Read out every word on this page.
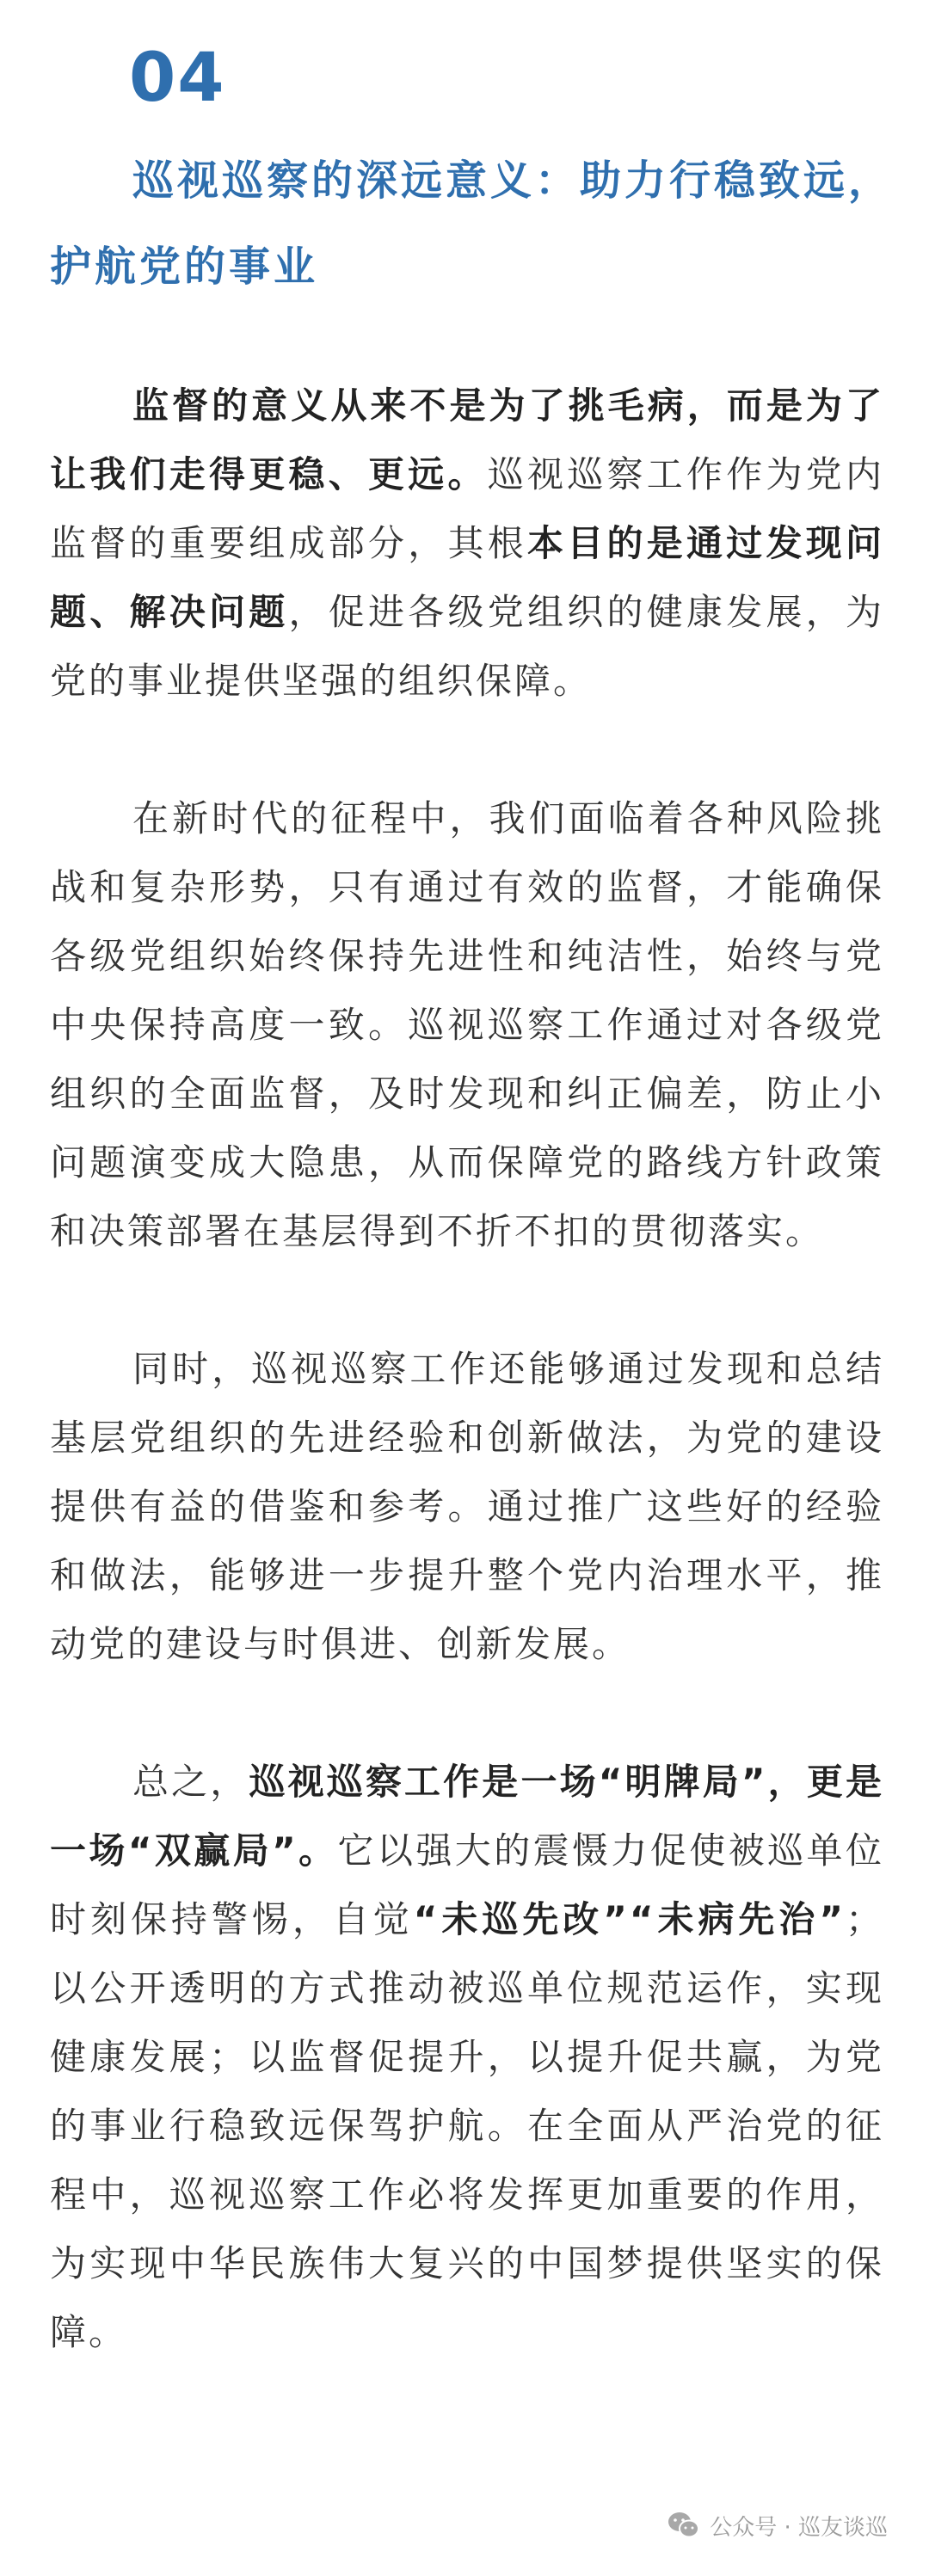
04
巡视巡察的深远意义：助力行稳致远，护航党的事业

监督的意义从来不是为了挑毛病，而是为了让我们走得更稳、更远。巡视巡察工作作为党内监督的重要组成部分，其根本目的是通过发现问题、解决问题，促进各级党组织的健康发展，为党的事业提供坚强的组织保障。

在新时代的征程中，我们面临着各种风险挑战和复杂形势，只有通过有效的监督，才能确保各级党组织始终保持先进性和纯洁性，始终与党中央保持高度一致。巡视巡察工作通过对各级党组织的全面监督，及时发现和纠正偏差，防止小问题演变成大隐患，从而保障党的路线方针政策和决策部署在基层得到不折不扣的贯彻落实。

同时，巡视巡察工作还能够通过发现和总结基层党组织的先进经验和创新做法，为党的建设提供有益的借鉴和参考。通过推广这些好的经验和做法，能够进一步提升整个党内治理水平，推动党的建设与时俱进、创新发展。

总之，巡视巡察工作是一场“明牌局”，更是一场“双赢局”。它以强大的震慑力促使被巡单位时刻保持警惕，自觉“未巡先改”“未病先治”；以公开透明的方式推动被巡单位规范运作，实现健康发展；以监督促提升，以提升促共赢，为党的事业行稳致远保驾护航。在全面从严治党的征程中，巡视巡察工作必将发挥更加重要的作用，为实现中华民族伟大复兴的中国梦提供坚实的保障。

公众号 · 巡友谈巡
